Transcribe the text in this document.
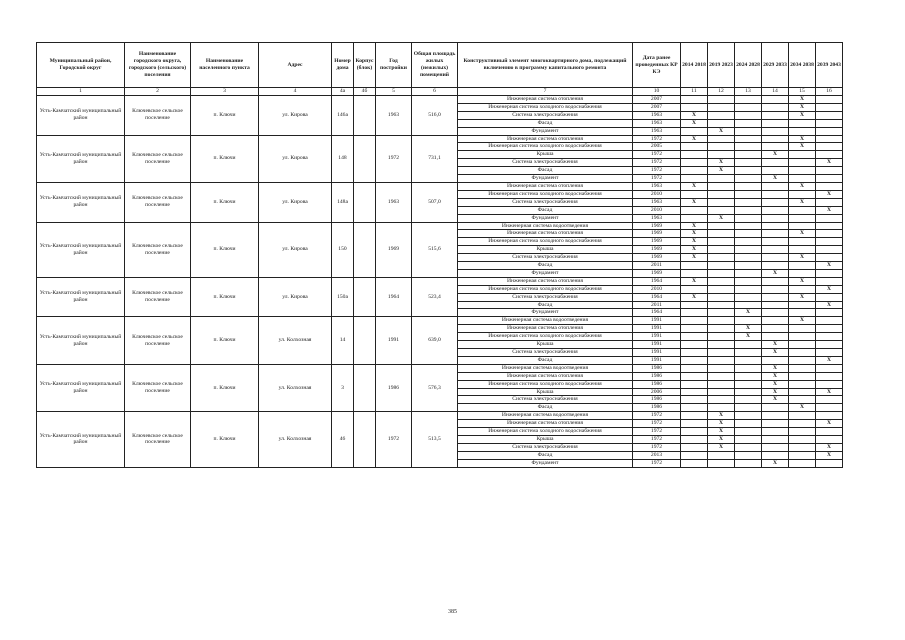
Муниципальный район, Городской округ	Наименование городского округа, городского (сельского) поселения	Наименование населенного пункта	Адрес	Номер дома	Корпус (блок)	Год постройки	Общая площадь жилых (нежилых) помещений	Конструктивный элемент многоквартирного дома, подлежащий включению в программу капитального ремонта	Дата ранее проведенных КР КЭ	2014 2018	2019 2023	2024 2028	2029 2033	2034 2038	2039 2043
1	2	3	4	4а	4б	5	6	7	10	11	12	13	14	15	16
Усть-Камчатский муниципальный район	Ключевское сельское поселение	п. Ключи	ул. Кирова	146а		1963	516,0	Инженерная система отопления	2007					X	
								Инженерная система холодного водоснабжения	2007					X	
								Система электроснабжения	1963	X				X	
								Фасад	1963	X					
								Фундамент	1963		X				
Усть-Камчатский муниципальный район	Ключевское сельское поселение	п. Ключи	ул. Кирова	148		1972	731,1	Инженерная система отопления	1972	X				X	
								Инженерная система холодного водоснабжения	2005					X	
								Крыша	1972				X		
								Система электроснабжения	1972		X				X
								Фасад	1972		X				
								Фундамент	1972				X		
Усть-Камчатский муниципальный район	Ключевское сельское поселение	п. Ключи	ул. Кирова	148а		1963	507,0	Инженерная система отопления	1963	X				X	
								Инженерная система холодного водоснабжения	2010						X
								Система электроснабжения	1963	X				X	
								Фасад	2010						X
								Фундамент	1963		X				
Усть-Камчатский муниципальный район	Ключевское сельское поселение	п. Ключи	ул. Кирова	150		1969	515,6	Инженерная система водоотведения	1969	X					
								Инженерная система отопления	1969	X				X	
								Инженерная система холодного водоснабжения	1969	X					
								Крыша	1969	X					
								Система электроснабжения	1969	X				X	
								Фасад	2011						X
								Фундамент	1969				X		
Усть-Камчатский муниципальный район	Ключевское сельское поселение	п. Ключи	ул. Кирова	150а		1964	523,4	Инженерная система отопления	1964	X				X	
								Инженерная система холодного водоснабжения	2010						X
								Система электроснабжения	1964	X				X	
								Фасад	2011						X
								Фундамент	1964			X			
Усть-Камчатский муниципальный район	Ключевское сельское поселение	п. Ключи	ул. Колхозная	14		1991	639,0	Инженерная система водоотведения	1991					X	
								Инженерная система отопления	1991			X			
								Инженерная система холодного водоснабжения	1991			X			
								Крыша	1991				X		
								Система электроснабжения	1991				X		
								Фасад	1991						X
Усть-Камчатский муниципальный район	Ключевское сельское поселение	п. Ключи	ул. Колхозная	3		1986	576,3	Инженерная система водоотведения	1986				X		
								Инженерная система отопления	1986				X		
								Инженерная система холодного водоснабжения	1986				X		
								Крыша	2006				X		X
								Система электроснабжения	1986				X		
								Фасад	1986					X	
Усть-Камчатский муниципальный район	Ключевское сельское поселение	п. Ключи	ул. Колхозная	46		1972	513,5	Инженерная система водоотведения	1972		X				
								Инженерная система отопления	1972		X				X
								Инженерная система холодного водоснабжения	1972		X				
								Крыша	1972		X				
								Система электроснабжения	1972		X				X
								Фасад	2013						X
								Фундамент	1972				X		
385
